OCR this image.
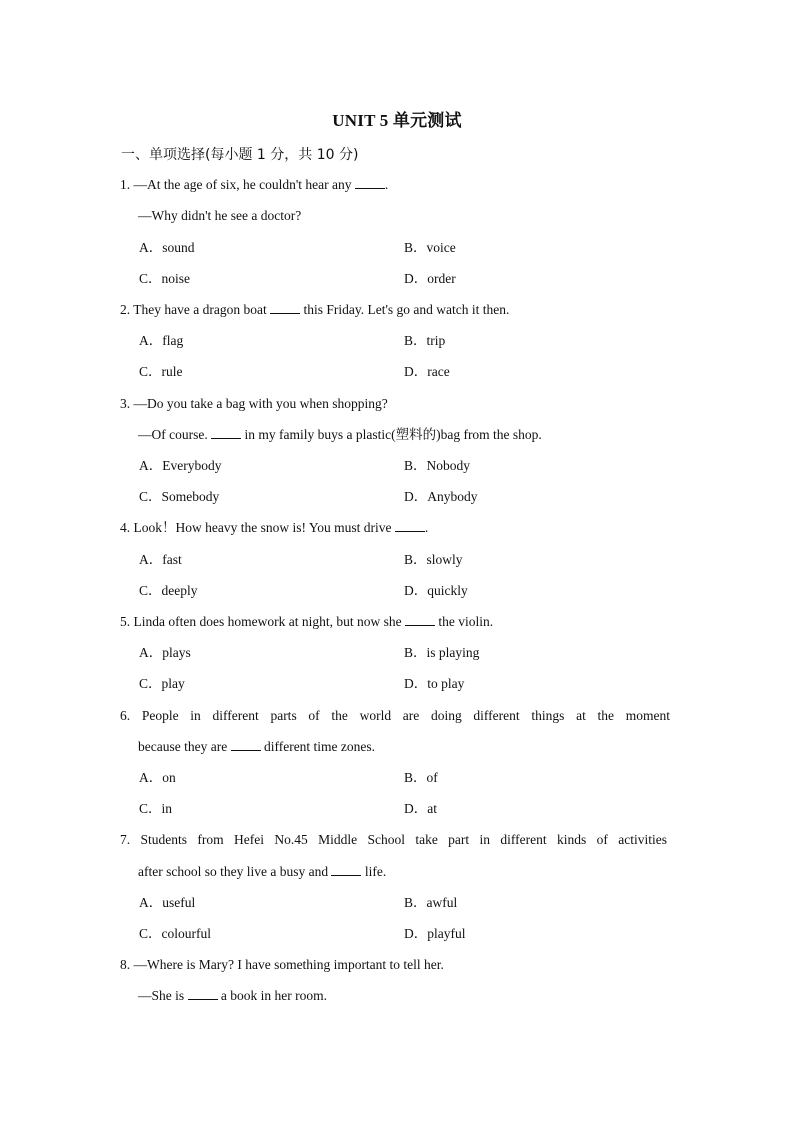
UNIT 5 单元测试
一、单项选择(每小题 1 分，共 10 分)
1. —At the age of six, he couldn't hear any .
—Why didn't he see a doctor?
A．sound	B．voice
C．noise	D．order
2. They have a dragon boat  this Friday. Let's go and watch it then.
A．flag	B．trip
C．rule	D．race
3. —Do you take a bag with you when shopping?
—Of course.  in my family buys a plastic(塑料的)bag from the shop.
A．Everybody	B．Nobody
C．Somebody	D．Anybody
4. Look！How heavy the snow is! You must drive .
A．fast	B．slowly
C．deeply	D．quickly
5. Linda often does homework at night, but now she  the violin.
A．plays	B．is playing
C．play	D．to play
6. People in different parts of the world are doing different things at the moment
because they are  different time zones.
A．on	B．of
C．in	D．at
7. Students from Hefei No.45 Middle School take part in different kinds of activities
after school so they live a busy and  life.
A．useful	B．awful
C．colourful	D．playful
8. —Where is Mary? I have something important to tell her.
—She is  a book in her room.
